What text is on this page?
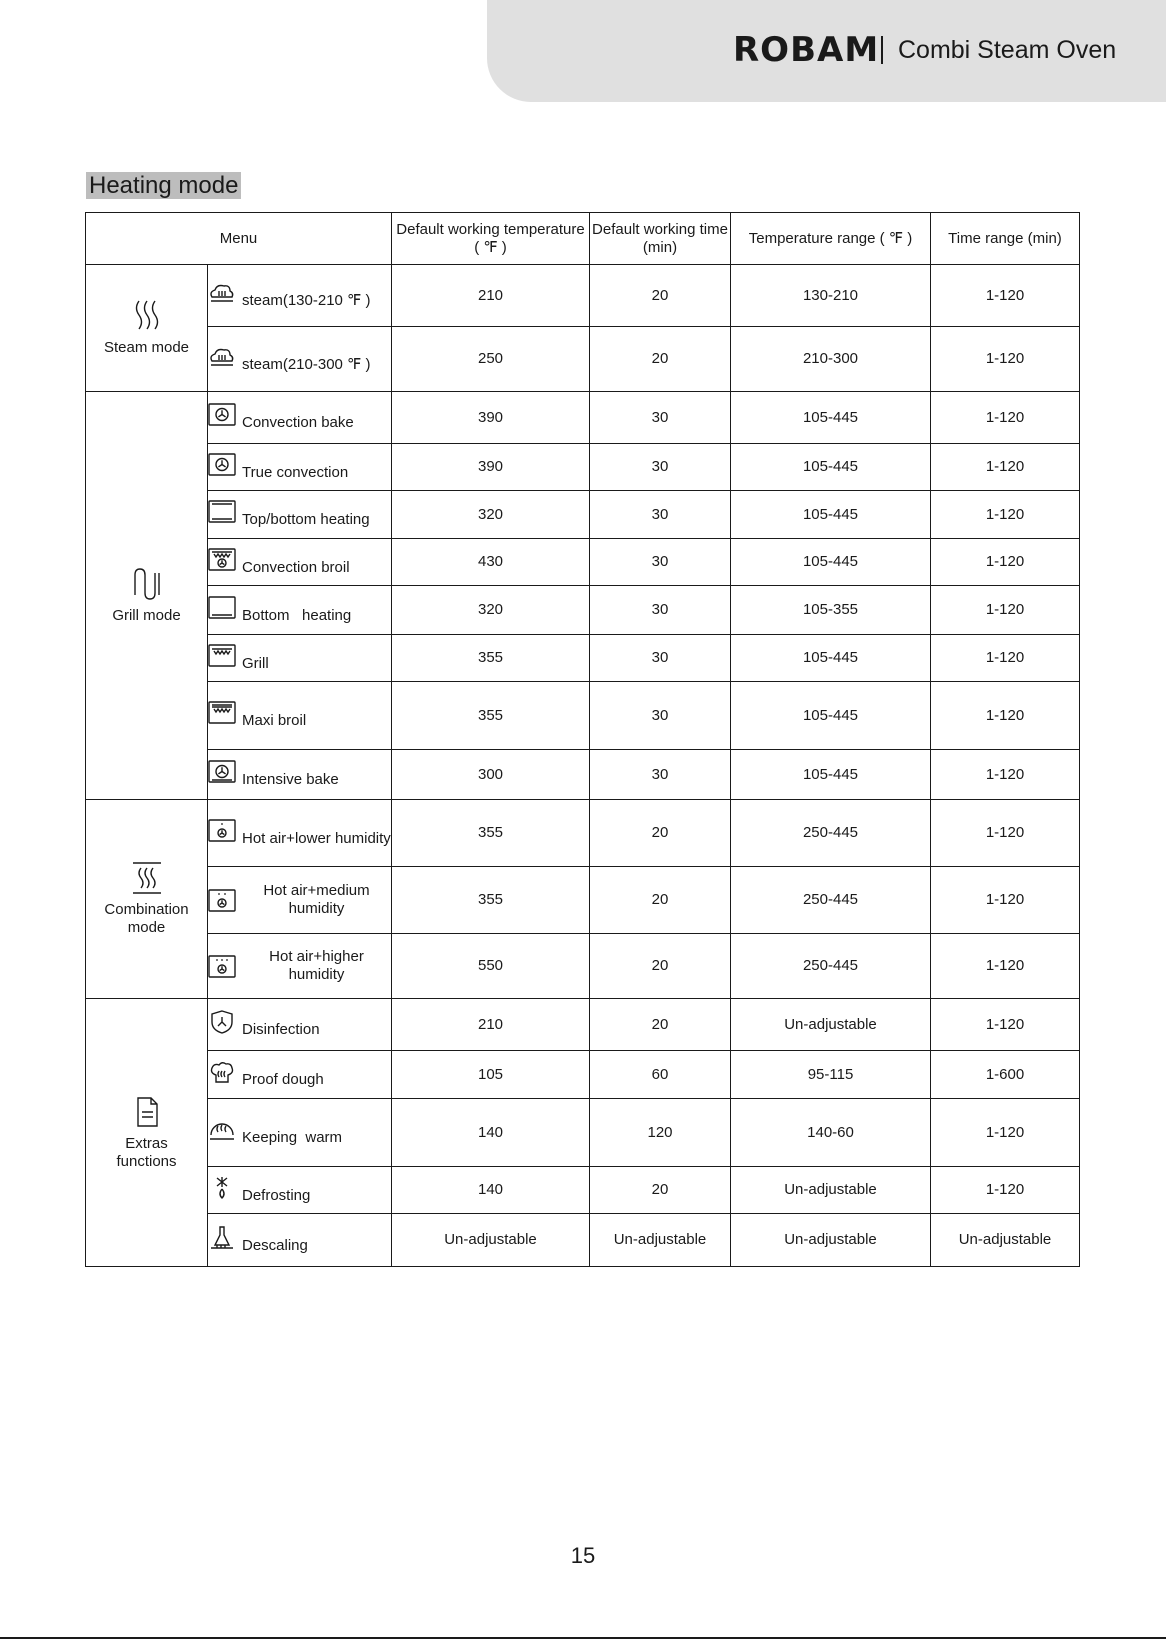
ROBAM Combi Steam Oven
Heating mode
Menu		Default working temperature ( ℉ )	Default working time (min)	Temperature range ( ℉ )	Time range (min)

Steam mode	steam(130-210 ℉ )	210	20	130-210	1-120

	steam(210-300 ℉ )	250	20	210-300	1-120

Grill mode	Convection bake	390	30	105-445	1-120

	True convection	390	30	105-445	1-120

	Top/bottom heating	320	30	105-445	1-120

	Convection broil	430	30	105-445	1-120

	Bottom   heating	320	30	105-355	1-120

	Grill	355	30	105-445	1-120

	Maxi broil	355	30	105-445	1-120

	Intensive bake	300	30	105-445	1-120

Combination mode	Hot air+lower humidity	355	20	250-445	1-120

	Hot air+medium humidity	355	20	250-445	1-120

	Hot air+higher humidity	550	20	250-445	1-120

Extras functions	Disinfection	210	20	Un-adjustable	1-120

	Proof dough	105	60	95-115	1-600

	Keeping  warm	140	120	140-60	1-120

	Defrosting	140	20	Un-adjustable	1-120

	Descaling	Un-adjustable	Un-adjustable	Un-adjustable	Un-adjustable
15
